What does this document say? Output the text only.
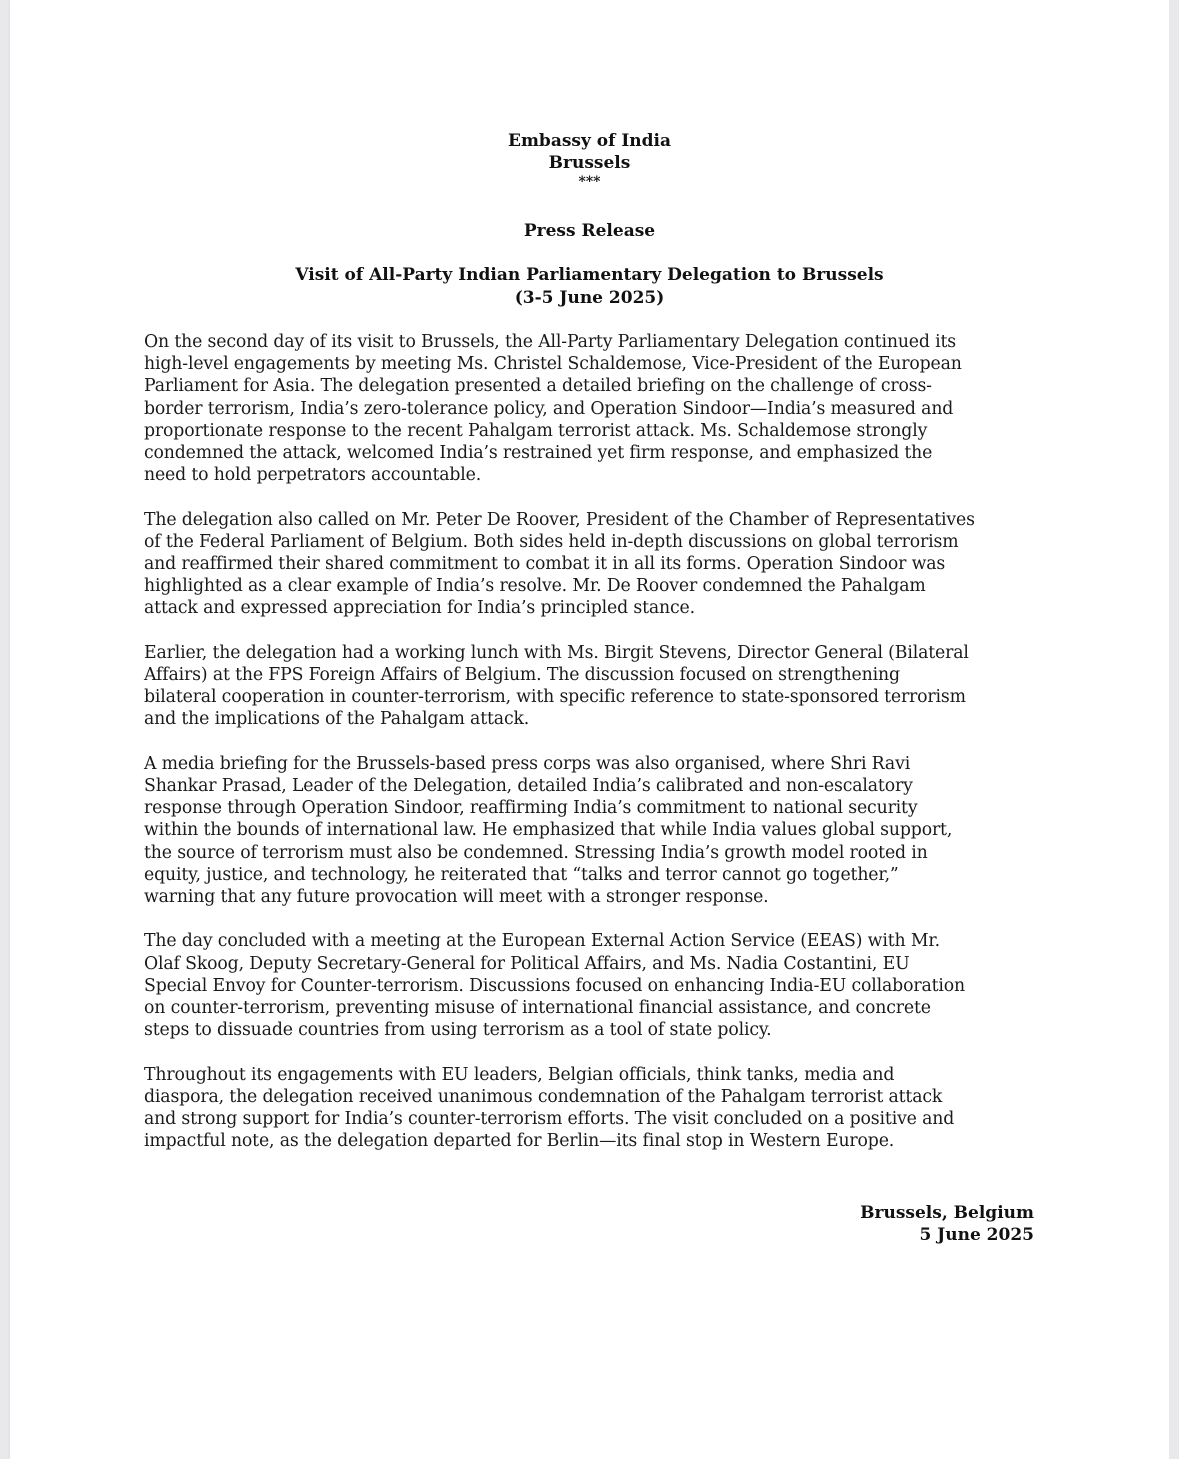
Embassy of India
Brussels
***
Press Release
Visit of All-Party Indian Parliamentary Delegation to Brussels
(3-5 June 2025)
On the second day of its visit to Brussels, the All-Party Parliamentary Delegation continued its
high-level engagements by meeting Ms. Christel Schaldemose, Vice-President of the European
Parliament for Asia. The delegation presented a detailed briefing on the challenge of cross-
border terrorism, India’s zero-tolerance policy, and Operation Sindoor—India’s measured and
proportionate response to the recent Pahalgam terrorist attack. Ms. Schaldemose strongly
condemned the attack, welcomed India’s restrained yet firm response, and emphasized the
need to hold perpetrators accountable.
The delegation also called on Mr. Peter De Roover, President of the Chamber of Representatives
of the Federal Parliament of Belgium. Both sides held in-depth discussions on global terrorism
and reaffirmed their shared commitment to combat it in all its forms. Operation Sindoor was
highlighted as a clear example of India’s resolve. Mr. De Roover condemned the Pahalgam
attack and expressed appreciation for India’s principled stance.
Earlier, the delegation had a working lunch with Ms. Birgit Stevens, Director General (Bilateral
Affairs) at the FPS Foreign Affairs of Belgium. The discussion focused on strengthening
bilateral cooperation in counter-terrorism, with specific reference to state-sponsored terrorism
and the implications of the Pahalgam attack.
A media briefing for the Brussels-based press corps was also organised, where Shri Ravi
Shankar Prasad, Leader of the Delegation, detailed India’s calibrated and non-escalatory
response through Operation Sindoor, reaffirming India’s commitment to national security
within the bounds of international law. He emphasized that while India values global support,
the source of terrorism must also be condemned. Stressing India’s growth model rooted in
equity, justice, and technology, he reiterated that “talks and terror cannot go together,”
warning that any future provocation will meet with a stronger response.
The day concluded with a meeting at the European External Action Service (EEAS) with Mr.
Olaf Skoog, Deputy Secretary-General for Political Affairs, and Ms. Nadia Costantini, EU
Special Envoy for Counter-terrorism. Discussions focused on enhancing India-EU collaboration
on counter-terrorism, preventing misuse of international financial assistance, and concrete
steps to dissuade countries from using terrorism as a tool of state policy.
Throughout its engagements with EU leaders, Belgian officials, think tanks, media and
diaspora, the delegation received unanimous condemnation of the Pahalgam terrorist attack
and strong support for India’s counter-terrorism efforts. The visit concluded on a positive and
impactful note, as the delegation departed for Berlin—its final stop in Western Europe.
Brussels, Belgium
5 June 2025
